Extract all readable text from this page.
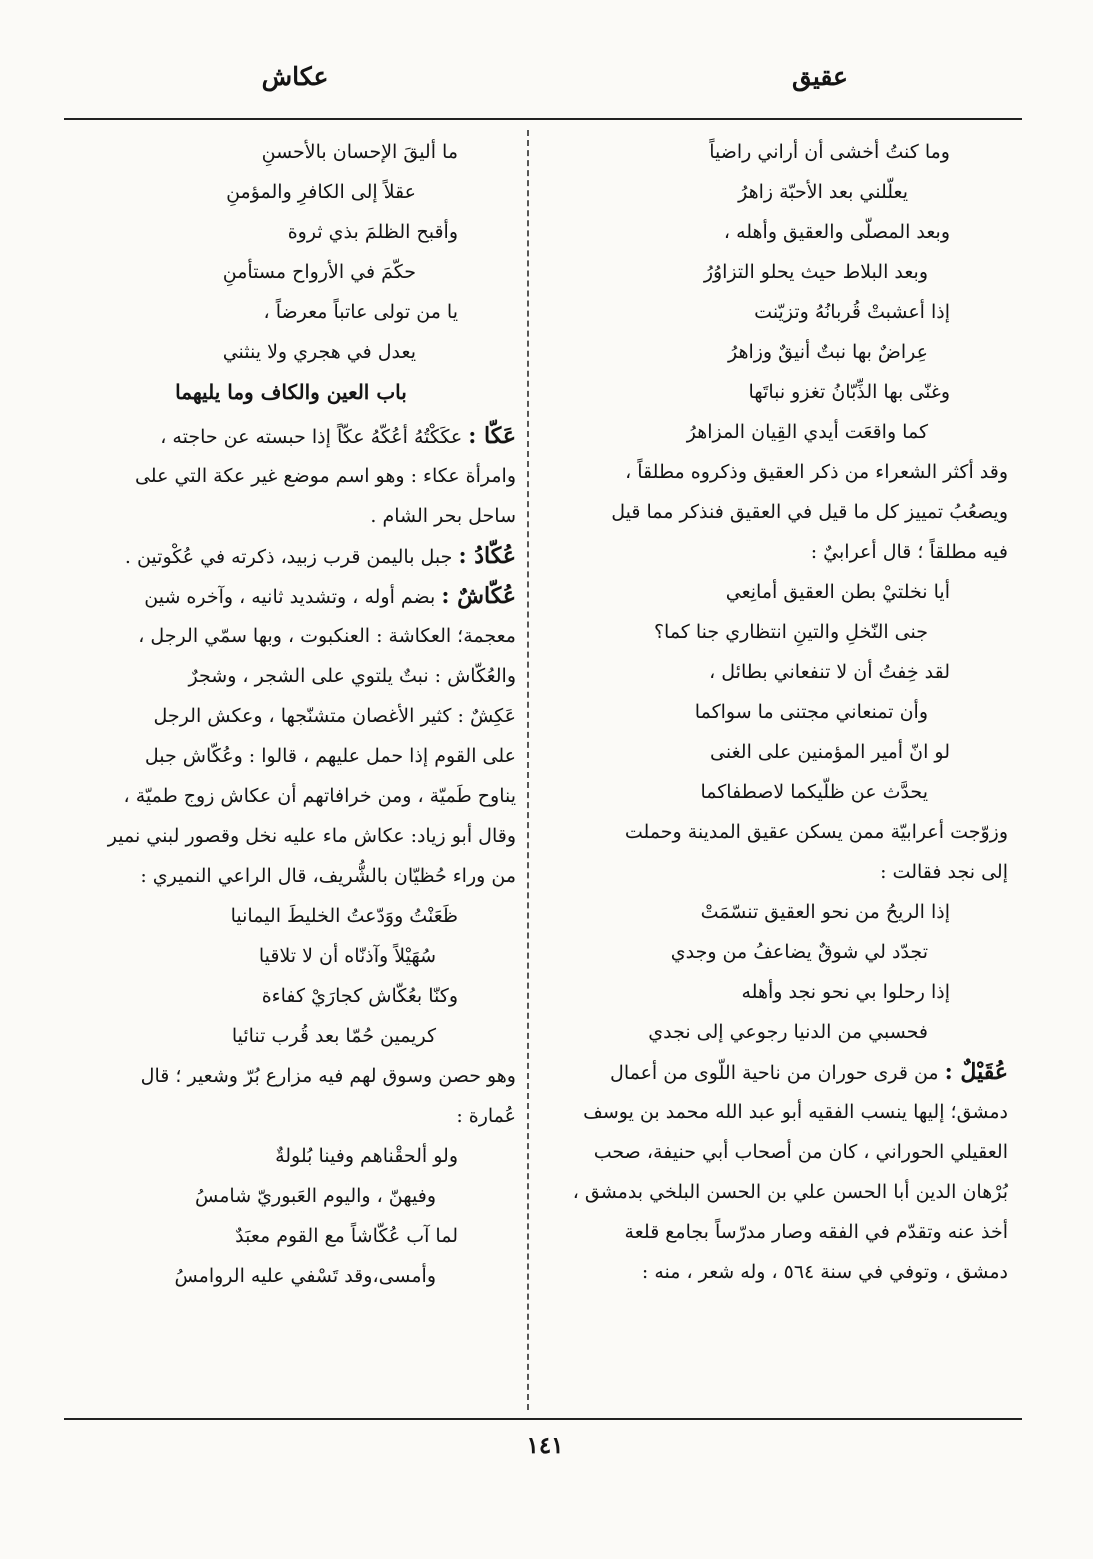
عقيق
عكاش
وما كنتُ أخشى أن أراني راضياً
يعلّلني بعد الأحبّة زاهرُ
وبعد المصلّى والعقيق وأهله ،
وبعد البلاط حيث يحلو التزاوُرُ
إذا أعشبتْ قُربانُهُ وتزيّنت
عِراضٌ بها نبتٌ أنيقٌ وزاهرُ
وغنّى بها الذِّبّانُ تغزو نباتَها
كما واقعَت أيدي القِيان المزاهرُ
وقد أكثر الشعراء من ذكر العقيق وذكروه مطلقاً ،
ويصعُبُ تمييز كل ما قيل في العقيق فنذكر مما قيل
فيه مطلقاً ؛ قال أعرابيٌ :
أيا نخلتيْ بطن العقيق أمانِعي
جنى النّخلِ والتينِ انتظاري جنا كما؟
لقد خِفتُ أن لا تنفعاني بطائل ،
وأن تمنعاني مجتنى ما سواكما
لو انّ أمير المؤمنين على الغنى
يحدَّث عن ظلّيكما لاصطفاكما
وزوّجت أعرابيّة ممن يسكن عقيق المدينة وحملت
إلى نجد فقالت :
إذا الريحُ من نحو العقيق تنسّمَتْ
تجدّد لي شوقٌ يضاعفُ من وجدي
إذا رحلوا بي نحو نجد وأهله
فحسبي من الدنيا رجوعي إلى نجدي
عُقَيْلٌ : من قرى حوران من ناحية اللّوى من أعمال
دمشق؛ إليها ينسب الفقيه أبو عبد الله محمد بن يوسف
العقيلي الحوراني ، كان من أصحاب أبي حنيفة، صحب
بُرْهان الدين أبا الحسن علي بن الحسن البلخي بدمشق ،
أخذ عنه وتقدّم في الفقه وصار مدرّساً بجامع قلعة
دمشق ، وتوفي في سنة ٥٦٤ ، وله شعر ، منه :
ما أليقَ الإحسان بالأحسنِ
عقلاً إلى الكافرِ والمؤمنِ
وأقبح الظلمَ بذي ثروة
حكّمَ في الأرواح مستأمنِ
يا من تولى عاتباً معرضاً ،
يعدل في هجري ولا ينثني
باب العين والكاف وما يليهما
عَكّا : عكَكْتُهُ أعُكّهُ عكّاً إذا حبسته عن حاجته ،
وامرأة عكاء : وهو اسم موضع غير عكة التي على
ساحل بحر الشام .
عُكّادُ : جبل باليمن قرب زبيد، ذكرته في عُكْوتين .
عُكّاشٌ : بضم أوله ، وتشديد ثانيه ، وآخره شين
معجمة؛ العكاشة : العنكبوت ، وبها سمّي الرجل ،
والعُكّاش : نبتٌ يلتوي على الشجر ، وشجرٌ
عَكِشٌ : كثير الأغصان متشنّجها ، وعكش الرجل
على القوم إذا حمل عليهم ، قالوا : وعُكّاش جبل
يناوح طَميّة ، ومن خرافاتهم أن عكاش زوج طميّة ،
وقال أبو زياد: عكاش ماء عليه نخل وقصور لبني نمير
من وراء حُظيّان بالشُّريف، قال الراعي النميري :
ظَعَنْتُ ووَدّعتُ الخليطَ اليمانيا
سُهَيْلاً وآذنّاه أن لا تلاقيا
وكنّا بعُكّاش كجارَيْ كفاءة
كريمين حُمّا بعد قُرب تنائيا
وهو حصن وسوق لهم فيه مزارع بُرّ وشعير ؛ قال
عُمارة :
ولو ألحقْناهم وفينا بُلولةٌ
وفيهنّ ، واليوم العَبوريّ شامسُ
لما آب عُكّاشاً مع القوم معبَدٌ
وأمسى،وقد تَسْفي عليه الروامسُ
١٤١
